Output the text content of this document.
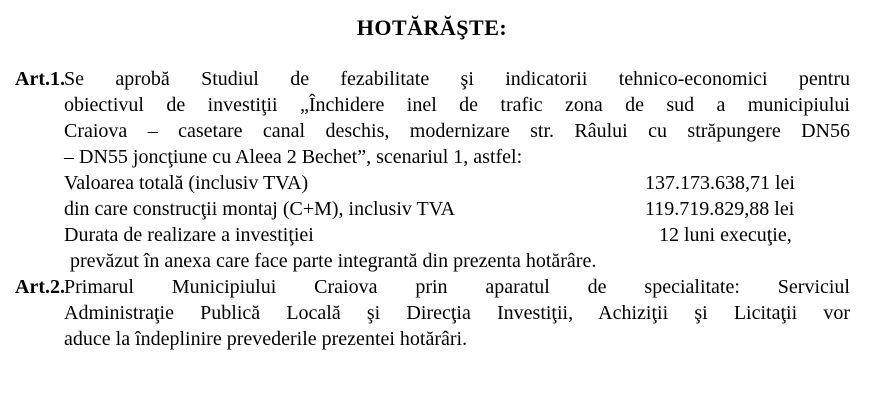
HOTĂRĂŞTE:
Art.1. Se aprobă Studiul de fezabilitate şi indicatorii tehnico-economici pentru
obiectivul de investiţii „Închidere inel de trafic zona de sud a municipiului
Craiova – casetare canal deschis, modernizare str. Râului cu străpungere DN56
– DN55 joncţiune cu Aleea 2 Bechet”, scenariul 1, astfel:
Valoarea totală (inclusiv TVA)	137.173.638,71 lei
din care construcţii montaj (C+M), inclusiv TVA	119.719.829,88 lei
Durata de realizare a investiţiei	12 luni execuţie,
prevăzut în anexa care face parte integrantă din prezenta hotărâre.
Art.2. Primarul Municipiului Craiova prin aparatul de specialitate: Serviciul
Administraţie Publică Locală şi Direcţia Investiţii, Achiziţii şi Licitaţii vor
aduce la îndeplinire prevederile prezentei hotărâri.
